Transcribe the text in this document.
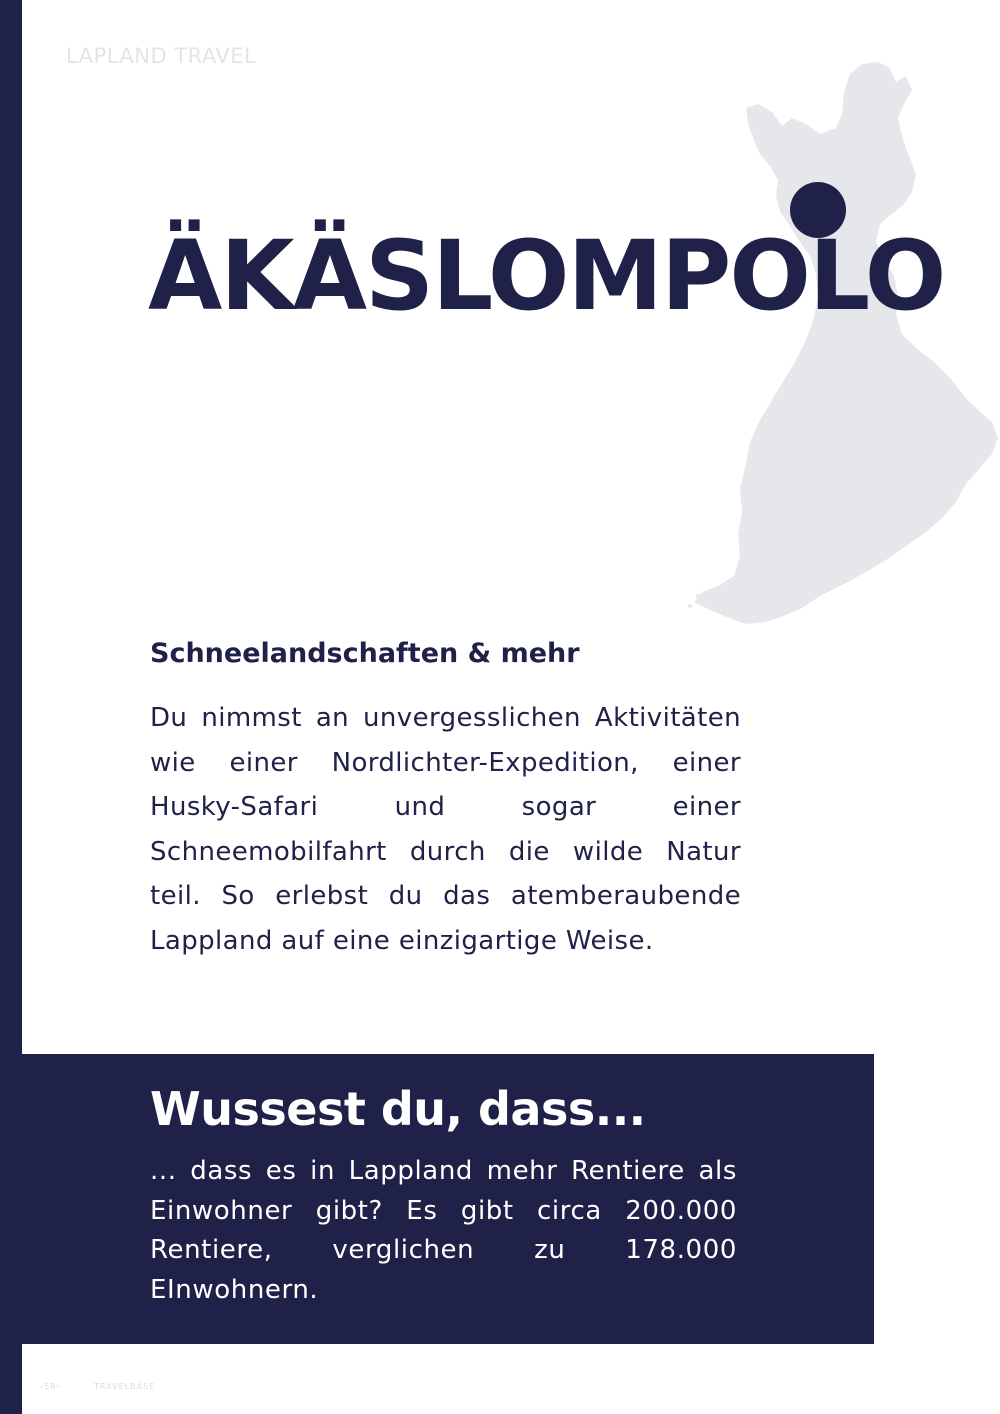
LAPLAND TRAVEL
ÄKÄSLOMPOLO
Schneelandschaften & mehr

Du nimmst an unvergesslichen Aktivitäten wie einer Nordlichter-Expedition, einer Husky-Safari und sogar einer Schneemobilfahrt durch die wilde Natur teil. So erlebst du das atemberaubende Lappland auf eine einzigartige Weise.

Wussest du, dass...

... dass es in Lappland mehr Rentiere als Einwohner gibt? Es gibt circa 200.000 Rentiere, verglichen zu 178.000 EInwohnern.

‹58›	TRAVELBASE
